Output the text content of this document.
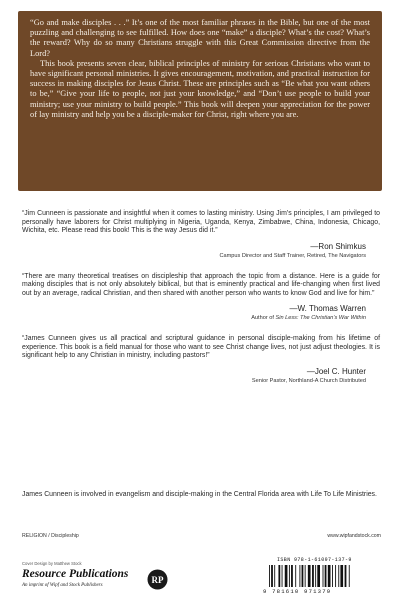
“Go and make disciples . . .” It’s one of the most familiar phrases in the Bible, but one of the most puzzling and challenging to see fulfilled. How does one “make” a disciple? What’s the cost? What’s the reward? Why do so many Christians struggle with this Great Commission directive from the Lord?

This book presents seven clear, biblical principles of ministry for serious Christians who want to have significant personal ministries. It gives encouragement, motivation, and practical instruction for success in making disciples for Jesus Christ. These are principles such as “Be what you want others to be,” “Give your life to people, not just your knowledge,” and “Don’t use people to build your ministry; use your ministry to build people.” This book will deepen your appreciation for the power of lay ministry and help you be a disciple-maker for Christ, right where you are.

“Jim Cunneen is passionate and insightful when it comes to lasting ministry. Using Jim’s principles, I am privileged to personally have laborers for Christ multiplying in Nigeria, Uganda, Kenya, Zimbabwe, China, Indonesia, Chicago, Wichita, etc. Please read this book! This is the way Jesus did it.”

—Ron Shimkus
Campus Director and Staff Trainer, Retired, The Navigators

“There are many theoretical treatises on discipleship that approach the topic from a distance. Here is a guide for making disciples that is not only absolutely biblical, but that is eminently practical and life-changing when first lived out by an average, radical Christian, and then shared with another person who wants to know God and live for him.”

—W. Thomas Warren
Author of Sin Less: The Christian’s War Within

“James Cunneen gives us all practical and scriptural guidance in personal disciple-making from his lifetime of experience. This book is a field manual for those who want to see Christ change lives, not just adjust theologies. It is significant help to any Christian in ministry, including pastors!”

—Joel C. Hunter
Senior Pastor, Northland-A Church Distributed

James Cunneen is involved in evangelism and disciple-making in the Central Florida area with Life To Life Ministries.

RELIGION / Discipleship	www.wipfandstock.com
Cover Design by Matthew Stock
Resource Publications
An imprint of Wipf and Stock Publishers
RP
ISBN 978-1-61097-137-9
9 781610 971379
